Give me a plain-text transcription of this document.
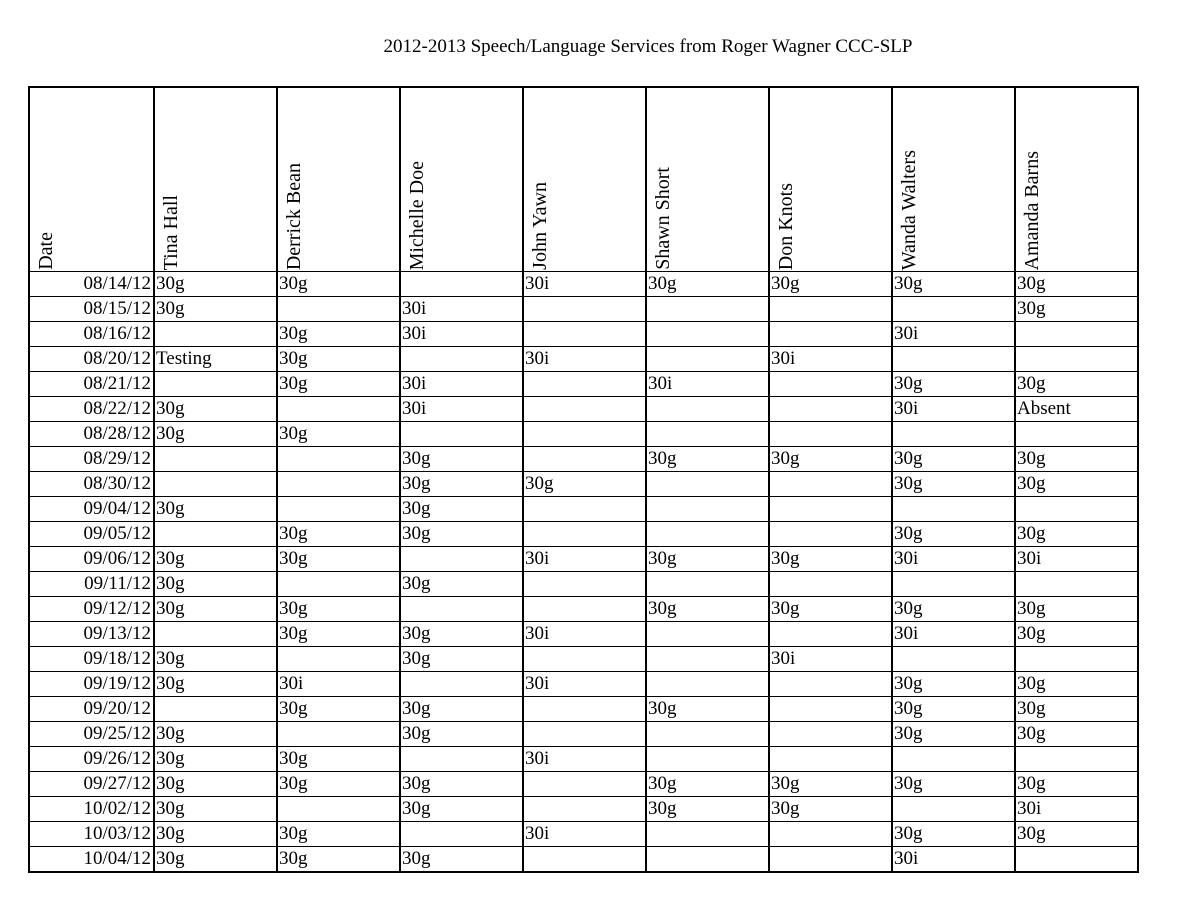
2012-2013 Speech/Language Services from Roger Wagner CCC-SLP
Date	Tina Hall	Derrick Bean	Michelle Doe	John Yawn	Shawn Short	Don Knots	Wanda Walters	Amanda Barns

08/14/12	30g	30g		30i	30g	30g	30g	30g
08/15/12	30g		30i					30g
08/16/12		30g	30i				30i	
08/20/12	Testing	30g		30i		30i		
08/21/12		30g	30i		30i		30g	30g
08/22/12	30g		30i				30i	Absent
08/28/12	30g	30g						
08/29/12			30g		30g	30g	30g	30g
08/30/12			30g	30g			30g	30g
09/04/12	30g		30g					
09/05/12		30g	30g				30g	30g
09/06/12	30g	30g		30i	30g	30g	30i	30i
09/11/12	30g		30g					
09/12/12	30g	30g			30g	30g	30g	30g
09/13/12		30g	30g	30i			30i	30g
09/18/12	30g		30g			30i		
09/19/12	30g	30i		30i			30g	30g
09/20/12		30g	30g		30g		30g	30g
09/25/12	30g		30g				30g	30g
09/26/12	30g	30g		30i				
09/27/12	30g	30g	30g		30g	30g	30g	30g
10/02/12	30g		30g		30g	30g		30i
10/03/12	30g	30g		30i			30g	30g
10/04/12	30g	30g	30g				30i	
